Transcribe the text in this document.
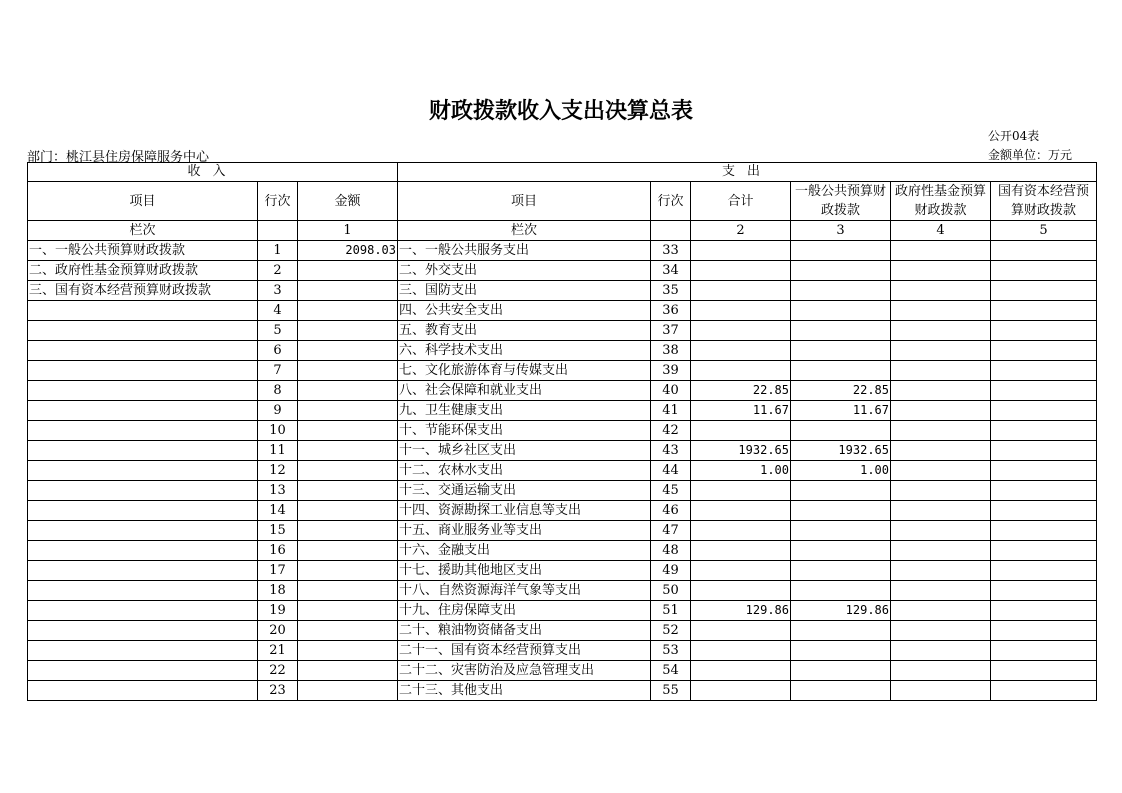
财政拨款收入支出决算总表
公开04表
部门：桃江县住房保障服务中心	金额单位：万元
收入			支出					
项目	行次	金额	项目	行次	合计	一般公共预算财政拨款	政府性基金预算财政拨款	国有资本经营预算财政拨款
栏次		1	栏次		2	3	4	5
一、一般公共预算财政拨款	1	2098.03	一、一般公共服务支出	33				
二、政府性基金预算财政拨款	2		二、外交支出	34				
三、国有资本经营预算财政拨款	3		三、国防支出	35				
	4		四、公共安全支出	36				
	5		五、教育支出	37				
	6		六、科学技术支出	38				
	7		七、文化旅游体育与传媒支出	39				
	8		八、社会保障和就业支出	40	22.85	22.85		
	9		九、卫生健康支出	41	11.67	11.67		
	10		十、节能环保支出	42				
	11		十一、城乡社区支出	43	1932.65	1932.65		
	12		十二、农林水支出	44	1.00	1.00		
	13		十三、交通运输支出	45				
	14		十四、资源勘探工业信息等支出	46				
	15		十五、商业服务业等支出	47				
	16		十六、金融支出	48				
	17		十七、援助其他地区支出	49				
	18		十八、自然资源海洋气象等支出	50				
	19		十九、住房保障支出	51	129.86	129.86		
	20		二十、粮油物资储备支出	52				
	21		二十一、国有资本经营预算支出	53				
	22		二十二、灾害防治及应急管理支出	54				
	23		二十三、其他支出	55				
